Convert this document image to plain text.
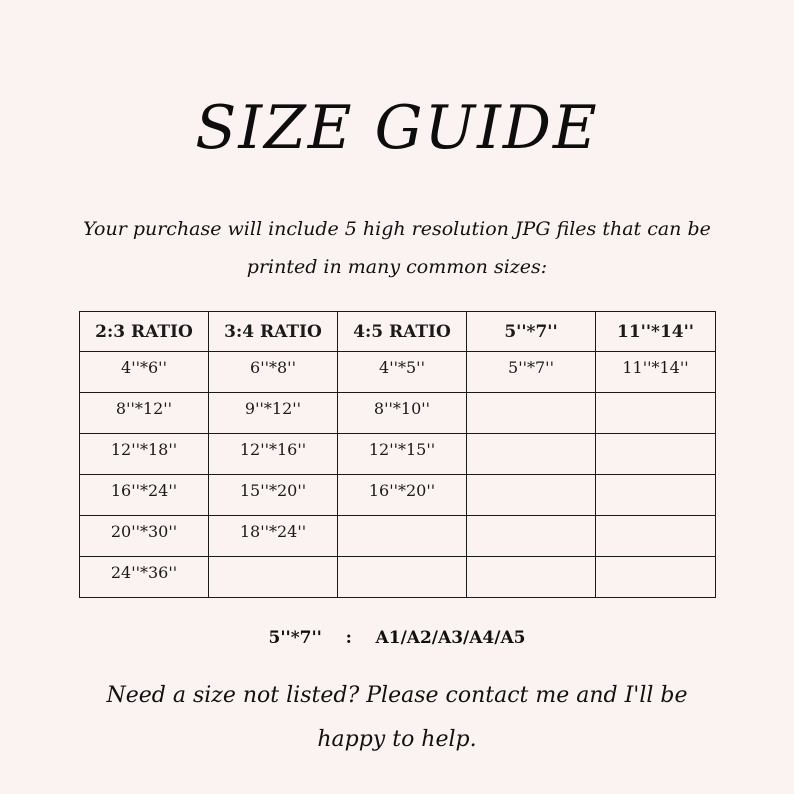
SIZE GUIDE
Your purchase will include 5 high resolution JPG files that can be printed in many common sizes:
2:3 RATIO	3:4 RATIO	4:5 RATIO	5''*7''	11''*14''
4''*6''	6''*8''	4''*5''	5''*7''	11''*14''
8''*12''	9''*12''	8''*10''		
12''*18''	12''*16''	12''*15''		
16''*24''	15''*20''	16''*20''		
20''*30''	18''*24''			
24''*36''				
5''*7'' : A1/A2/A3/A4/A5
Need a size not listed? Please contact me and I'll be happy to help.
